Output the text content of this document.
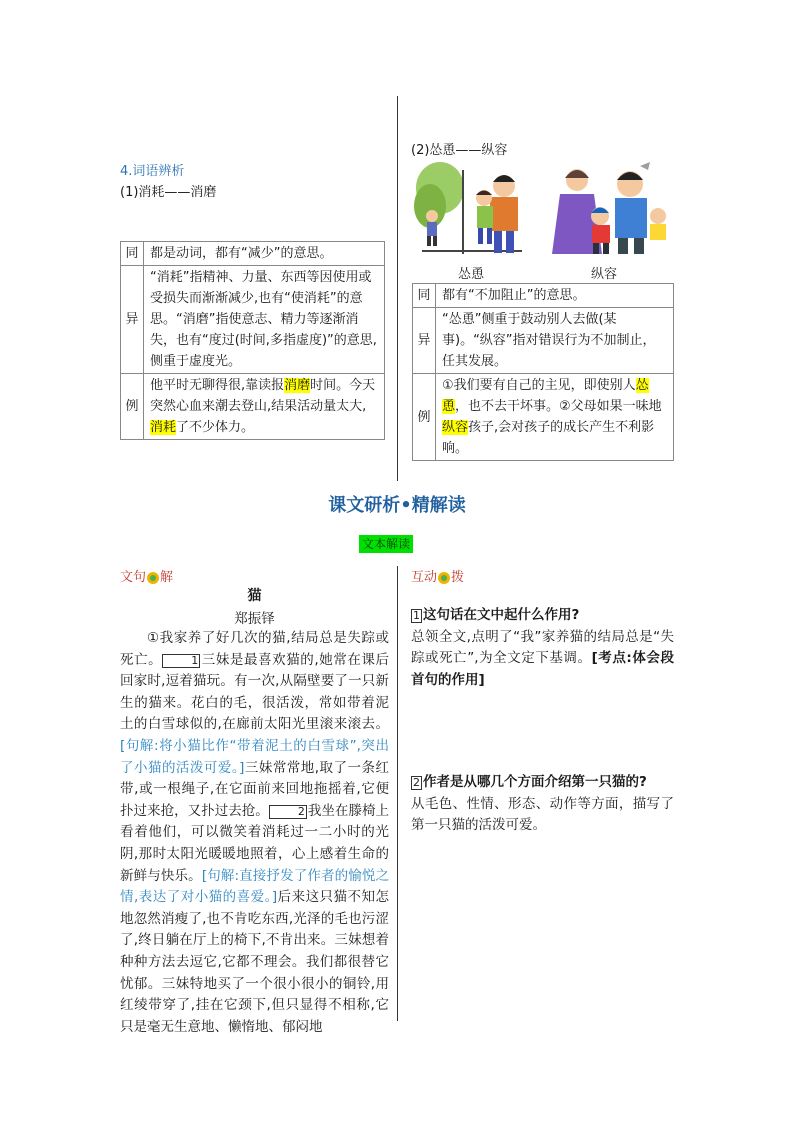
4.词语辨析
(1)消耗——消磨
同	都是动词，都有“减少”的意思。
异	“消耗”指精神、力量、东西等因使用或受损失而渐渐减少,也有“使消耗”的意思。“消磨”指使意志、精力等逐渐消失，也有“度过(时间,多指虚度)”的意思,侧重于虚度光。
例	他平时无聊得很,靠读报消磨时间。今天突然心血来潮去登山,结果活动量太大,消耗了不少体力。
(2)怂恿——纵容
怂恿	纵容
同	都有“不加阻止”的意思。
异	“怂恿”侧重于鼓动别人去做(某事)。“纵容”指对错误行为不加制止，任其发展。
例	①我们要有自己的主见，即使别人怂恿，也不去干坏事。②父母如果一味地纵容孩子,会对孩子的成长产生不利影响。
课文研析•精解读
文本解读
文句 解
猫
郑振铎
①我家养了好几次的猫,结局总是失踪或死亡。	1 三妹是最喜欢猫的,她常在课后回家时,逗着猫玩。有一次,从隔壁要了一只新生的猫来。花白的毛，很活泼，常如带着泥土的白雪球似的,在廊前太阳光里滚来滚去。[句解:将小猫比作“带着泥土的白雪球”,突出了小猫的活泼可爱。]三妹常常地,取了一条红带,或一根绳子,在它面前来回地拖摇着,它便扑过来抢，又扑过去抢。	2 我坐在滕椅上看着他们，可以微笑着消耗过一二小时的光阴,那时太阳光暖暖地照着，心上感着生命的新鲜与快乐。[句解:直接抒发了作者的愉悦之情,表达了对小猫的喜爱。]后来这只猫不知怎地忽然消瘦了,也不肯吃东西,光泽的毛也污涩了,终日躺在厅上的椅下,不肯出来。三妹想着种种方法去逗它,它都不理会。我们都很替它忧郁。三妹特地买了一个很小很小的铜铃,用红绫带穿了,挂在它颈下,但只显得不相称,它只是毫无生意地、懒惰地、郁闷地
互动 拨
1 这句话在文中起什么作用?
总领全文,点明了“我”家养猫的结局总是“失踪或死亡”,为全文定下基调。[考点:体会段首句的作用]
2 作者是从哪几个方面介绍第一只猫的?
从毛色、性情、形态、动作等方面，描写了第一只猫的活泼可爱。
